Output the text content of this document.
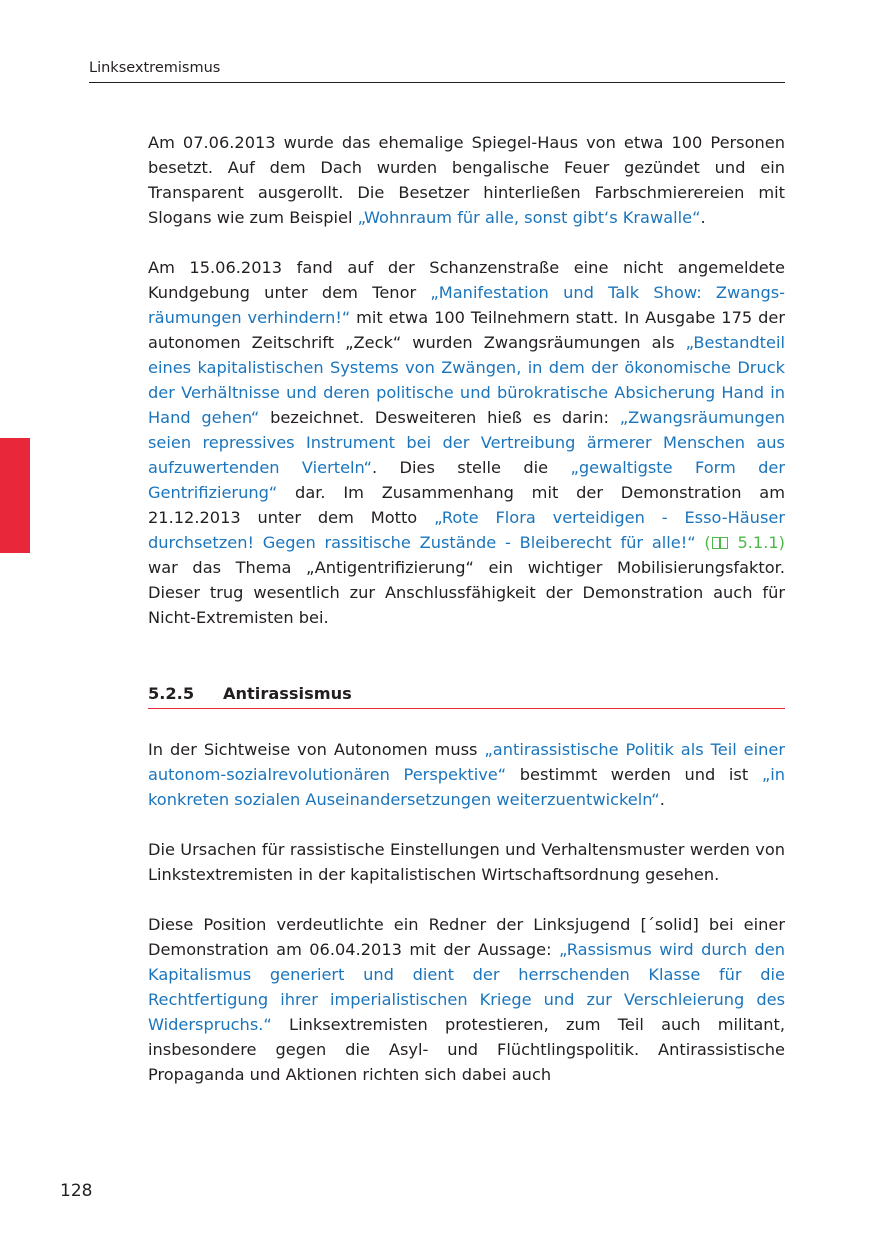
Linksextremismus

Am 07.06.2013 wurde das ehemalige Spiegel-Haus von etwa 100 Personen besetzt. Auf dem Dach wurden bengalische Feuer gezündet und ein Transparent ausgerollt. Die Besetzer hinterließen Farbschmierereien mit Slogans wie zum Beispiel „Wohnraum für alle, sonst gibt‘s Krawalle“.

Am 15.06.2013 fand auf der Schanzenstraße eine nicht angemeldete Kundgebung unter dem Tenor „Manifestation und Talk Show: Zwangsräumungen verhindern!“ mit etwa 100 Teilnehmern statt. In Ausgabe 175 der autonomen Zeitschrift „Zeck“ wurden Zwangsräumungen als „Bestandteil eines kapitalistischen Systems von Zwängen, in dem der ökonomische Druck der Verhältnisse und deren politische und bürokratische Absicherung Hand in Hand gehen“ bezeichnet. Desweiteren hieß es darin: „Zwangsräumungen seien repressives Instrument bei der Vertreibung ärmerer Menschen aus aufzuwertenden Vierteln“. Dies stelle die „gewaltigste Form der Gentrifizierung“ dar. Im Zusammenhang mit der Demonstration am 21.12.2013 unter dem Motto „Rote Flora verteidigen - Esso-Häuser durchsetzen! Gegen rassitische Zustände - Bleiberecht für alle!“ ( 5.1.1) war das Thema „Antigentrifizierung“ ein wichtiger Mobilisierungsfaktor. Dieser trug wesentlich zur Anschlussfähigkeit der Demonstration auch für Nicht-Extremisten bei.

5.2.5 Antirassismus

In der Sichtweise von Autonomen muss „antirassistische Politik als Teil einer autonom-sozialrevolutionären Perspektive“ bestimmt werden und ist „in konkreten sozialen Auseinandersetzungen weiterzuentwickeln“.

Die Ursachen für rassistische Einstellungen und Verhaltensmuster werden von Linkstextremisten in der kapitalistischen Wirtschaftsordnung gesehen.

Diese Position verdeutlichte ein Redner der Linksjugend [´solid] bei einer Demonstration am 06.04.2013 mit der Aussage: „Rassismus wird durch den Kapitalismus generiert und dient der herrschenden Klasse für die Rechtfertigung ihrer imperialistischen Kriege und zur Verschleierung des Widerspruchs.“ Linksextremisten protestieren, zum Teil auch militant, insbesondere gegen die Asyl- und Flüchtlingspolitik. Antirassistische Propaganda und Aktionen richten sich dabei auch

128
